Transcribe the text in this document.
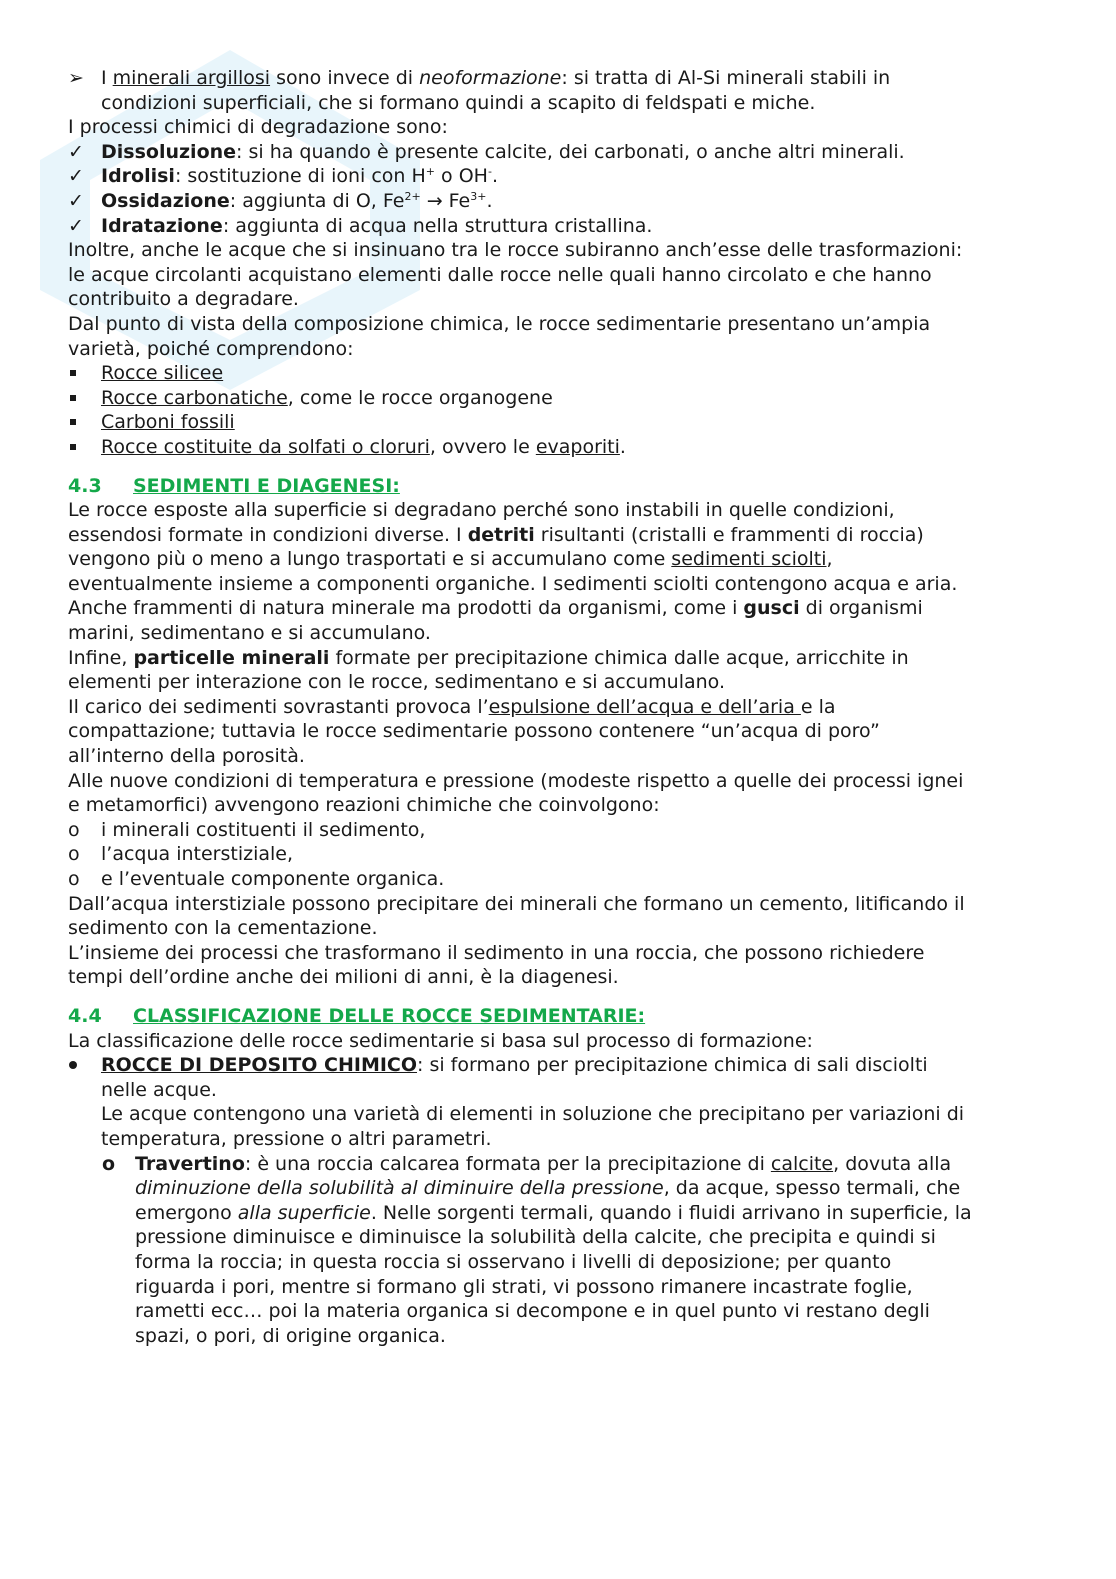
➢ I minerali argillosi sono invece di neoformazione: si tratta di Al-Si minerali stabili in
condizioni superficiali, che si formano quindi a scapito di feldspati e miche.
I processi chimici di degradazione sono:
✓ Dissoluzione: si ha quando è presente calcite, dei carbonati, o anche altri minerali.
✓ Idrolisi: sostituzione di ioni con H+ o OH-.
✓ Ossidazione: aggiunta di O, $Fe^{2+} \to Fe^{3+}$.
✓ Idratazione: aggiunta di acqua nella struttura cristallina.
Inoltre, anche le acque che si insinuano tra le rocce subiranno anch’esse delle trasformazioni:
le acque circolanti acquistano elementi dalle rocce nelle quali hanno circolato e che hanno
contribuito a degradare.
Dal punto di vista della composizione chimica, le rocce sedimentarie presentano un’ampia
varietà, poiché comprendono:
Rocce silicee
Rocce carbonatiche, come le rocce organogene
Carboni fossili
Rocce costituite da solfati o cloruri, ovvero le evaporiti.
4.3 SEDIMENTI E DIAGENESI:
Le rocce esposte alla superficie si degradano perché sono instabili in quelle condizioni,
essendosi formate in condizioni diverse. I detriti risultanti (cristalli e frammenti di roccia)
vengono più o meno a lungo trasportati e si accumulano come sedimenti sciolti,
eventualmente insieme a componenti organiche. I sedimenti sciolti contengono acqua e aria.
Anche frammenti di natura minerale ma prodotti da organismi, come i gusci di organismi
marini, sedimentano e si accumulano.
Infine, particelle minerali formate per precipitazione chimica dalle acque, arricchite in
elementi per interazione con le rocce, sedimentano e si accumulano.
Il carico dei sedimenti sovrastanti provoca l’espulsione dell’acqua e dell’aria e la
compattazione; tuttavia le rocce sedimentarie possono contenere “un’acqua di poro”
all’interno della porosità.
Alle nuove condizioni di temperatura e pressione (modeste rispetto a quelle dei processi ignei
e metamorfici) avvengono reazioni chimiche che coinvolgono:
o	i minerali costituenti il sedimento,
o	l’acqua interstiziale,
o	e l’eventuale componente organica.
Dall’acqua interstiziale possono precipitare dei minerali che formano un cemento, litificando il
sedimento con la cementazione.
L’insieme dei processi che trasformano il sedimento in una roccia, che possono richiedere
tempi dell’ordine anche dei milioni di anni, è la diagenesi.
4.4 CLASSIFICAZIONE DELLE ROCCE SEDIMENTARIE:
La classificazione delle rocce sedimentarie si basa sul processo di formazione:
ROCCE DI DEPOSITO CHIMICO: si formano per precipitazione chimica di sali disciolti
nelle acque.
Le acque contengono una varietà di elementi in soluzione che precipitano per variazioni di
temperatura, pressione o altri parametri.
o	Travertino: è una roccia calcarea formata per la precipitazione di calcite, dovuta alla
diminuzione della solubilità al diminuire della pressione, da acque, spesso termali, che
emergono alla superficie. Nelle sorgenti termali, quando i fluidi arrivano in superficie, la
pressione diminuisce e diminuisce la solubilità della calcite, che precipita e quindi si
forma la roccia; in questa roccia si osservano i livelli di deposizione; per quanto
riguarda i pori, mentre si formano gli strati, vi possono rimanere incastrate foglie,
rametti ecc… poi la materia organica si decompone e in quel punto vi restano degli
spazi, o pori, di origine organica.
